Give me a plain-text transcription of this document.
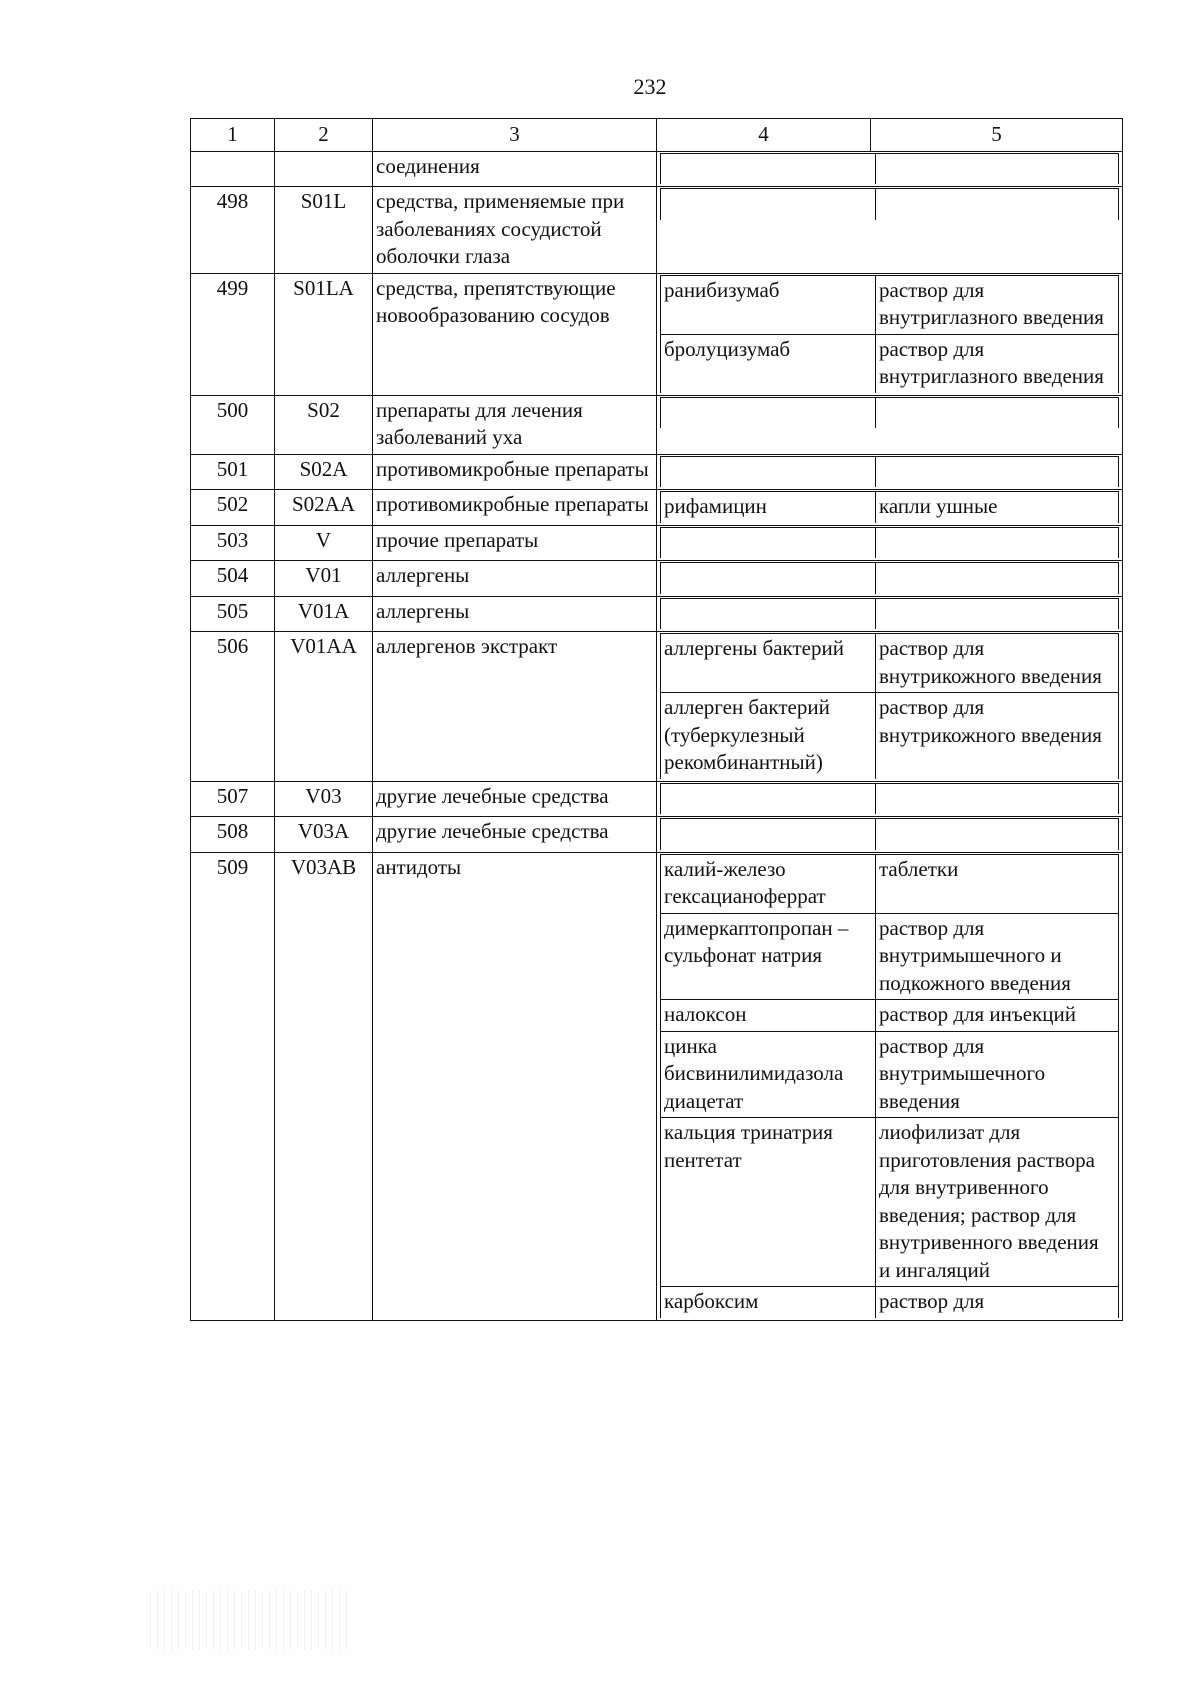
232
1	2	3	4	5
		соединения	

498	S01L	средства, применяемые при заболеваниях сосудистой оболочки глаза	

499	S01LA	средства, препятствующие новообразованию сосудов	
ранибизумаб	раствор для внутриглазного введения
бролуцизумаб	раствор для внутриглазного введения

500	S02	препараты для лечения заболеваний уха	

501	S02A	противомикробные препараты	

502	S02AA	противомикробные препараты	рифамицин	капли ушные

503	V	прочие препараты	

504	V01	аллергены	

505	V01A	аллергены	

506	V01AA	аллергенов экстракт		аллергены бактерий	раствор для внутрикожного введения
аллерген бактерий (туберкулезный рекомбинантный)	раствор для внутрикожного введения

507	V03	другие лечебные средства	

508	V03A	другие лечебные средства	

509	V03AB	антидоты		калий-железо гексацианоферрат	таблетки
димеркаптопропан – сульфонат натрия	раствор для внутримышечного и подкожного введения
налоксон	раствор для инъекций
цинка бисвинилимидазола диацетат	раствор для внутримышечного введения
кальция тринатрия пентетат	лиофилизат для приготовления раствора для внутривенного введения; раствор для внутривенного введения и ингаляций
карбоксим	раствор для
